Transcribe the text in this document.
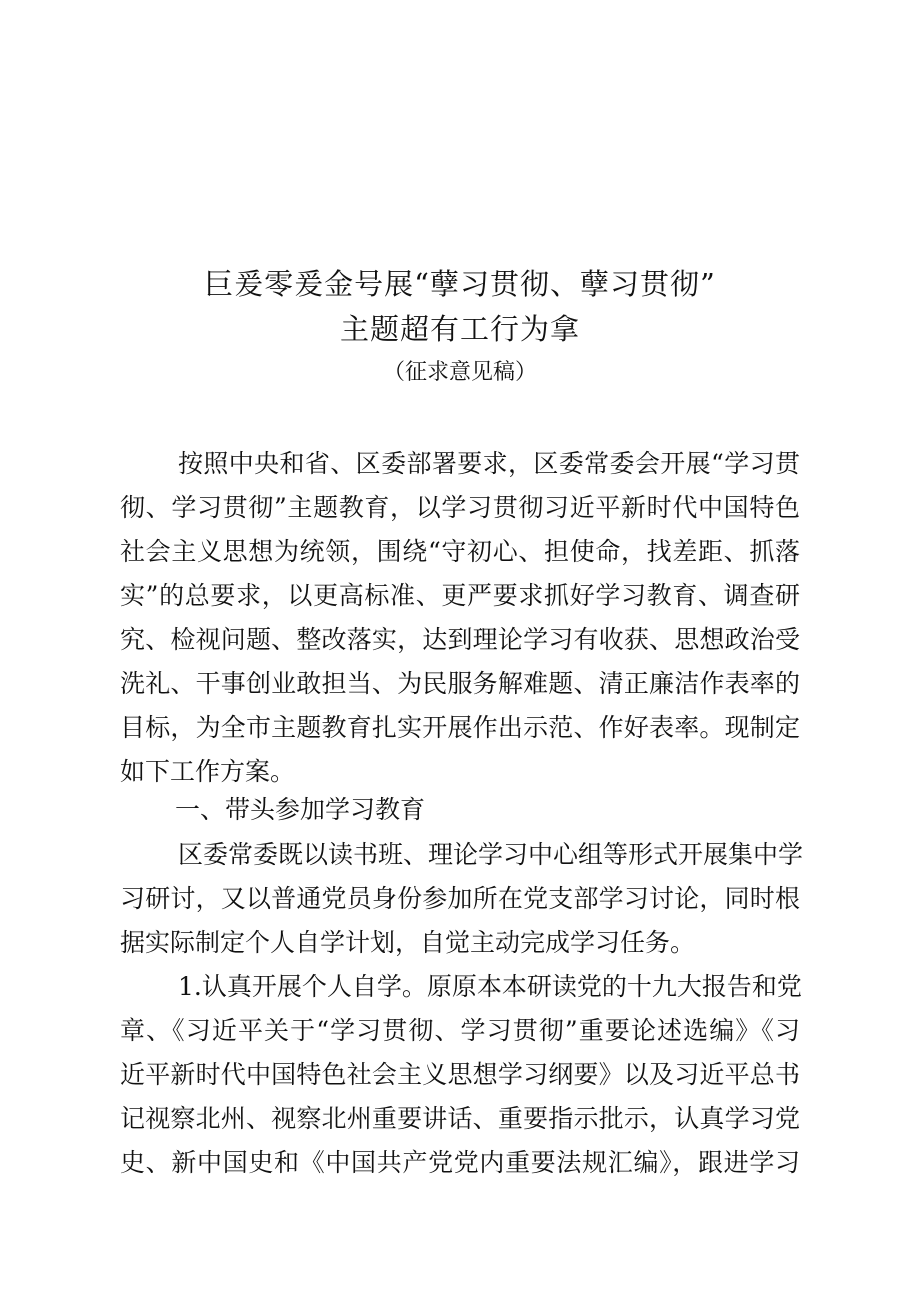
巨爰零爰金号展“孽习贯彻、孽习贯彻”
主题超有工行为拿
（征求意见稿）
按照中央和省、区委部署要求，区委常委会开展“学习贯
彻、学习贯彻”主题教育，以学习贯彻习近平新时代中国特色
社会主义思想为统领，围绕“守初心、担使命，找差距、抓落
实”的总要求，以更高标准、更严要求抓好学习教育、调查研
究、检视问题、整改落实，达到理论学习有收获、思想政治受
洗礼、干事创业敢担当、为民服务解难题、清正廉洁作表率的
目标，为全市主题教育扎实开展作出示范、作好表率。现制定
如下工作方案。
一、带头参加学习教育
区委常委既以读书班、理论学习中心组等形式开展集中学
习研讨，又以普通党员身份参加所在党支部学习讨论，同时根
据实际制定个人自学计划，自觉主动完成学习任务。
1.认真开展个人自学。原原本本研读党的十九大报告和党
章、《习近平关于“学习贯彻、学习贯彻”重要论述选编》《习
近平新时代中国特色社会主义思想学习纲要》以及习近平总书
记视察北州、视察北州重要讲话、重要指示批示，认真学习党
史、新中国史和《中国共产党党内重要法规汇编》，跟进学习
